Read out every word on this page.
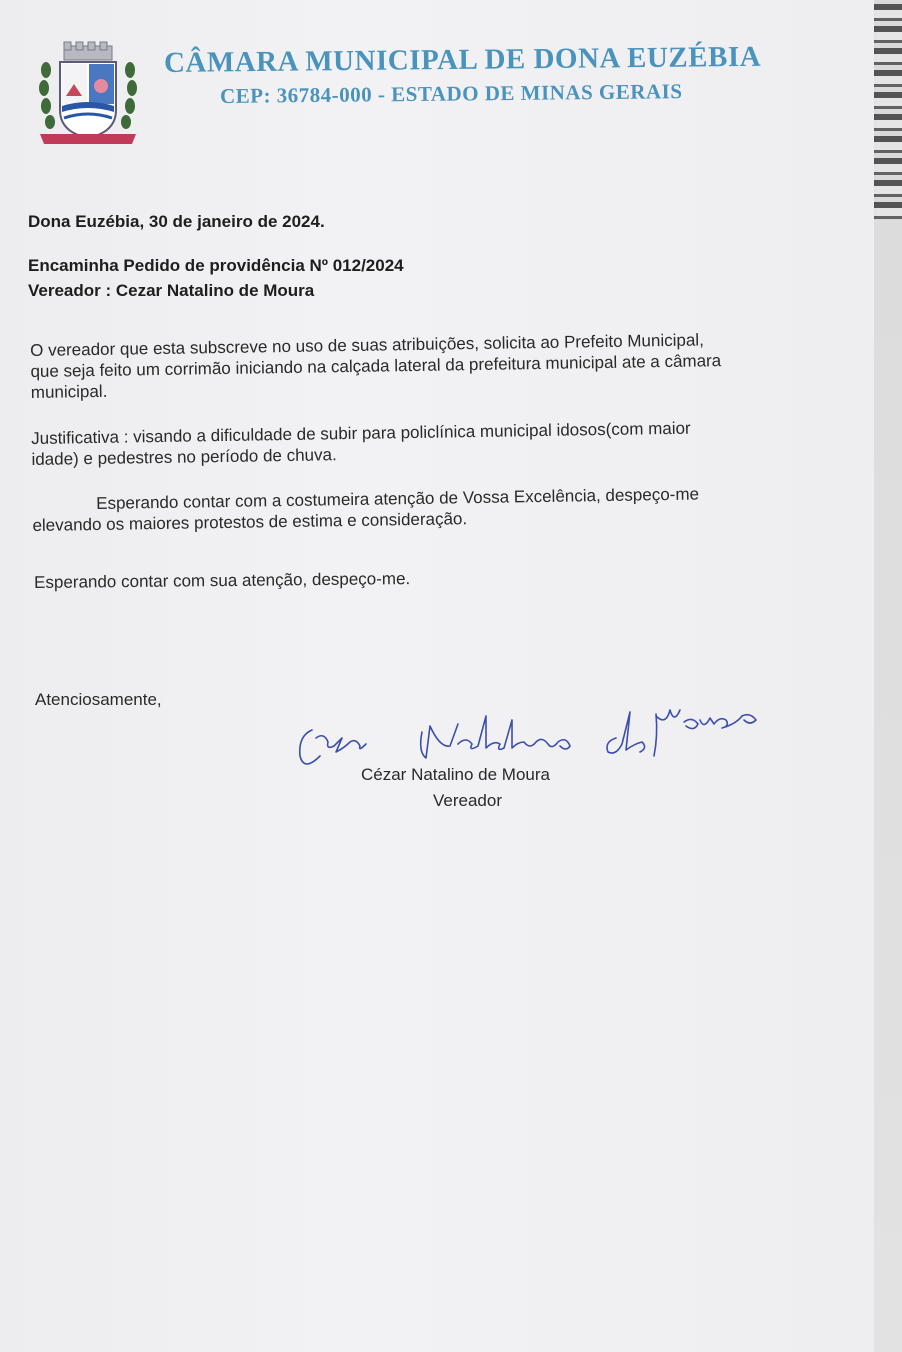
CÂMARA MUNICIPAL DE DONA EUZÉBIA
CEP: 36784-000 - ESTADO DE MINAS GERAIS
Dona Euzébia, 30 de janeiro de 2024.
Encaminha Pedido de providência Nº 012/2024
Vereador : Cezar Natalino de Moura
O vereador que esta subscreve no uso de suas atribuições, solicita ao Prefeito Municipal,
que seja feito um corrimão iniciando na calçada lateral da prefeitura municipal ate a câmara
municipal.
Justificativa : visando a dificuldade de subir para policlínica municipal idosos(com maior
idade) e pedestres no período de chuva.
Esperando contar com a costumeira atenção de Vossa Excelência, despeço-me
elevando os maiores protestos de estima e consideração.
Esperando contar com sua atenção, despeço-me.
Atenciosamente,
Cézar Natalino de Moura
Vereador
